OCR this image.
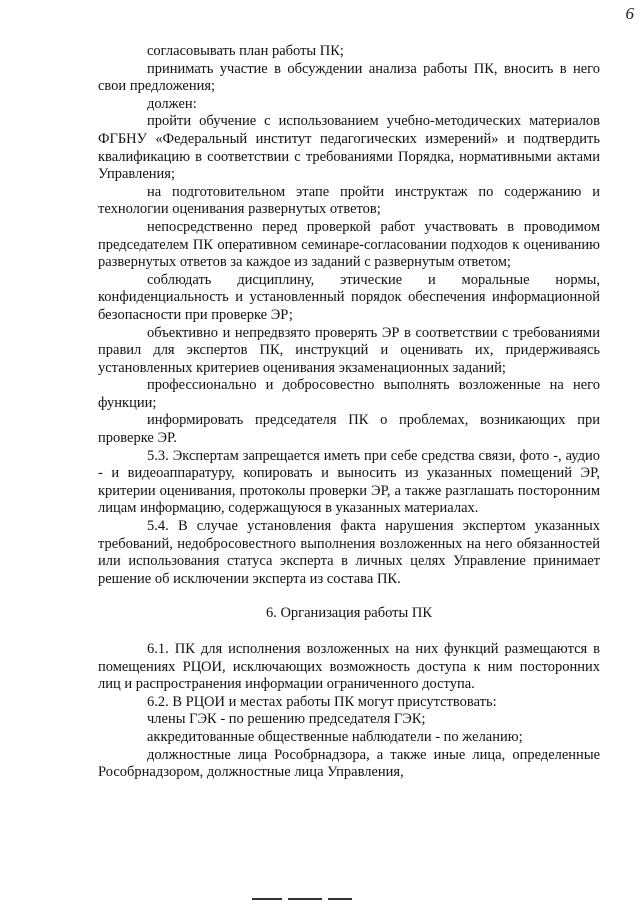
6

согласовывать план работы ПК;

принимать участие в обсуждении анализа работы ПК, вносить в него свои предложения;

должен:

пройти обучение с использованием учебно-методических материалов ФГБНУ «Федеральный институт педагогических измерений» и подтвердить квалификацию в соответствии с требованиями Порядка, нормативными актами Управления;

на подготовительном этапе пройти инструктаж по содержанию и технологии оценивания развернутых ответов;

непосредственно перед проверкой работ участвовать в проводимом председателем ПК оперативном семинаре-согласовании подходов к оцениванию развернутых ответов за каждое из заданий с развернутым ответом;

соблюдать дисциплину, этические и моральные нормы, конфиденциальность и установленный порядок обеспечения информационной безопасности при проверке ЭР;

объективно и непредвзято проверять ЭР в соответствии с требованиями правил для экспертов ПК, инструкций и оценивать их, придерживаясь установленных критериев оценивания экзаменационных заданий;

профессионально и добросовестно выполнять возложенные на него функции;

информировать председателя ПК о проблемах, возникающих при проверке ЭР.

5.3. Экспертам запрещается иметь при себе средства связи, фото -, аудио - и видеоаппаратуру, копировать и выносить из указанных помещений ЭР, критерии оценивания, протоколы проверки ЭР, а также разглашать посторонним лицам информацию, содержащуюся в указанных материалах.

5.4. В случае установления факта нарушения экспертом указанных требований, недобросовестного выполнения возложенных на него обязанностей или использования статуса эксперта в личных целях Управление принимает решение об исключении эксперта из состава ПК.

6. Организация работы ПК

6.1. ПК для исполнения возложенных на них функций размещаются в помещениях РЦОИ, исключающих возможность доступа к ним посторонних лиц и распространения информации ограниченного доступа.

6.2. В РЦОИ и местах работы ПК могут присутствовать:

члены ГЭК - по решению председателя ГЭК;

аккредитованные общественные наблюдатели - по желанию;

должностные лица Рособрнадзора, а также иные лица, определенные Рособрнадзором, должностные лица Управления,
